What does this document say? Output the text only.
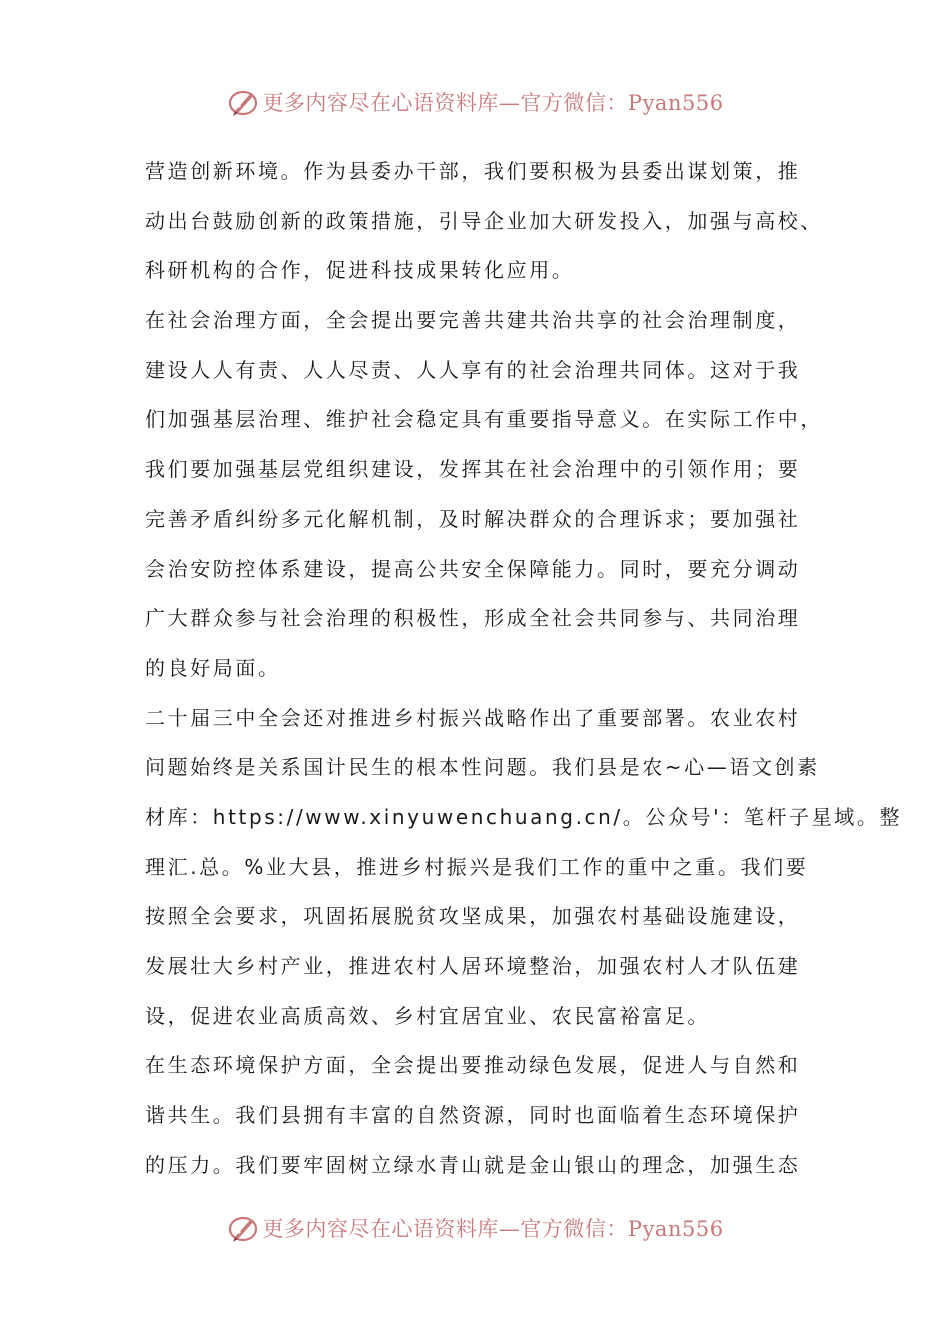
更多内容尽在心语资料库—官方微信：Pyan556
营造创新环境。作为县委办干部，我们要积极为县委出谋划策，推
动出台鼓励创新的政策措施，引导企业加大研发投入，加强与高校、
科研机构的合作，促进科技成果转化应用。
在社会治理方面，全会提出要完善共建共治共享的社会治理制度，
建设人人有责、人人尽责、人人享有的社会治理共同体。这对于我
们加强基层治理、维护社会稳定具有重要指导意义。在实际工作中，
我们要加强基层党组织建设，发挥其在社会治理中的引领作用；要
完善矛盾纠纷多元化解机制，及时解决群众的合理诉求；要加强社
会治安防控体系建设，提高公共安全保障能力。同时，要充分调动
广大群众参与社会治理的积极性，形成全社会共同参与、共同治理
的良好局面。
二十届三中全会还对推进乡村振兴战略作出了重要部署。农业农村
问题始终是关系国计民生的根本性问题。我们县是农~心—语文创素
材库：https://www.xinyuwenchuang.cn/。公众号'：笔杆子星域。整
理汇.总。%业大县，推进乡村振兴是我们工作的重中之重。我们要
按照全会要求，巩固拓展脱贫攻坚成果，加强农村基础设施建设，
发展壮大乡村产业，推进农村人居环境整治，加强农村人才队伍建
设，促进农业高质高效、乡村宜居宜业、农民富裕富足。
在生态环境保护方面，全会提出要推动绿色发展，促进人与自然和
谐共生。我们县拥有丰富的自然资源，同时也面临着生态环境保护
的压力。我们要牢固树立绿水青山就是金山银山的理念，加强生态
更多内容尽在心语资料库—官方微信：Pyan556
